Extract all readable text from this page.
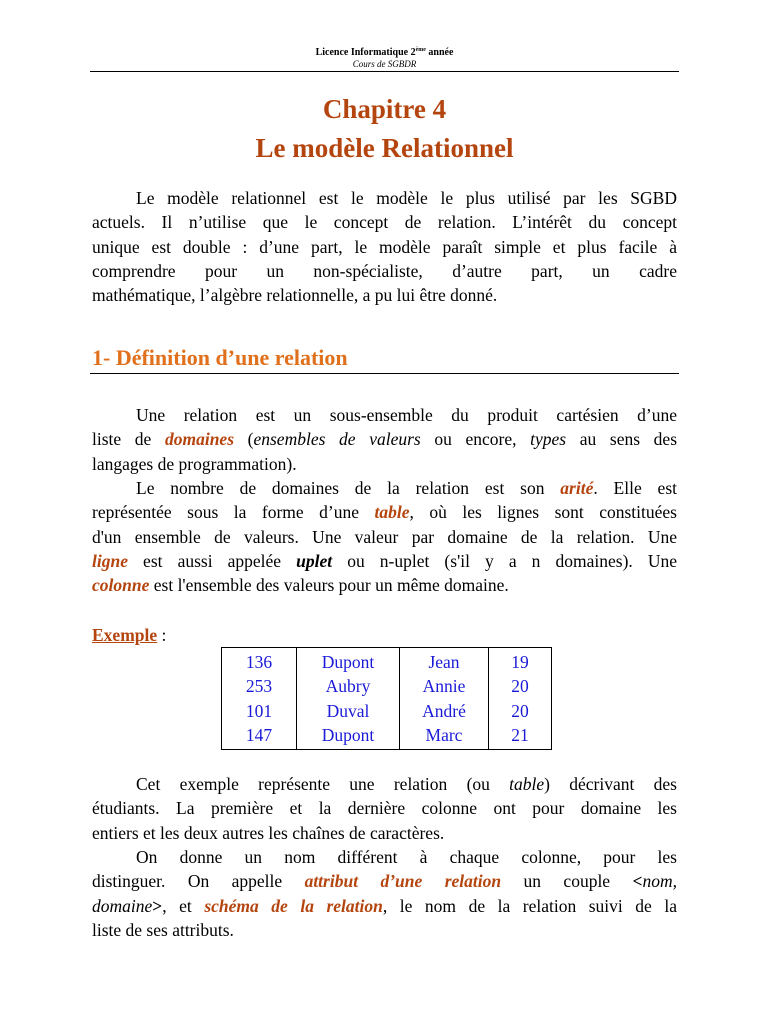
Licence Informatique 2ème année
Cours de SGBDR
Chapitre 4
Le modèle Relationnel
Le modèle relationnel est le modèle le plus utilisé par les SGBD
actuels. Il n’utilise que le concept de relation. L’intérêt du concept
unique est double : d’une part, le modèle paraît simple et plus facile à
comprendre pour un non-spécialiste, d’autre part, un cadre
mathématique, l’algèbre relationnelle, a pu lui être donné.
1- Définition d’une relation
Une relation est un sous-ensemble du produit cartésien d’une
liste de domaines (ensembles de valeurs ou encore, types au sens des
langages de programmation).
Le nombre de domaines de la relation est son arité. Elle est
représentée sous la forme d’une table, où les lignes sont constituées
d'un ensemble de valeurs. Une valeur par domaine de la relation. Une
ligne est aussi appelée uplet ou n-uplet (s'il y a n domaines). Une
colonne est l'ensemble des valeurs pour un même domaine.
Exemple :
136	Dupont	Jean	19
253	Aubry	Annie	20
101	Duval	André	20
147	Dupont	Marc	21
Cet exemple représente une relation (ou table) décrivant des
étudiants. La première et la dernière colonne ont pour domaine les
entiers et les deux autres les chaînes de caractères.
On donne un nom différent à chaque colonne, pour les
distinguer. On appelle attribut d’une relation un couple <nom,
domaine>, et schéma de la relation, le nom de la relation suivi de la
liste de ses attributs.
